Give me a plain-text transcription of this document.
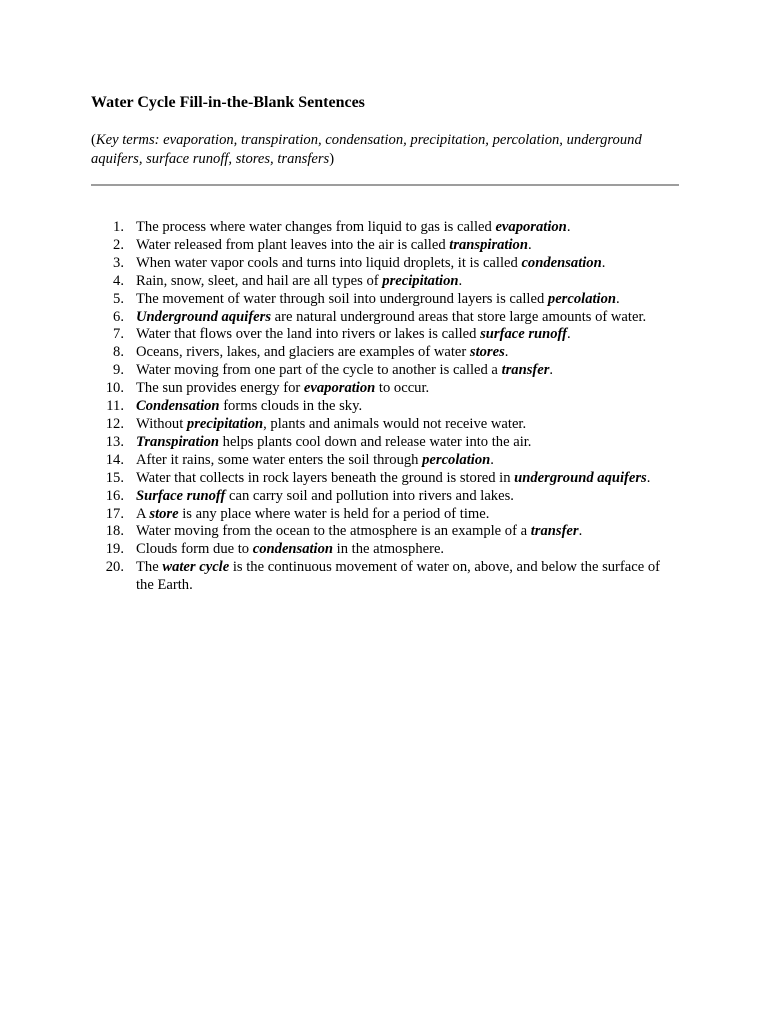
Water Cycle Fill-in-the-Blank Sentences

(Key terms: evaporation, transpiration, condensation, precipitation, percolation, underground aquifers, surface runoff, stores, transfers)

1. The process where water changes from liquid to gas is called evaporation.
2. Water released from plant leaves into the air is called transpiration.
3. When water vapor cools and turns into liquid droplets, it is called condensation.
4. Rain, snow, sleet, and hail are all types of precipitation.
5. The movement of water through soil into underground layers is called percolation.
6. Underground aquifers are natural underground areas that store large amounts of water.
7. Water that flows over the land into rivers or lakes is called surface runoff.
8. Oceans, rivers, lakes, and glaciers are examples of water stores.
9. Water moving from one part of the cycle to another is called a transfer.
10. The sun provides energy for evaporation to occur.
11. Condensation forms clouds in the sky.
12. Without precipitation, plants and animals would not receive water.
13. Transpiration helps plants cool down and release water into the air.
14. After it rains, some water enters the soil through percolation.
15. Water that collects in rock layers beneath the ground is stored in underground aquifers.
16. Surface runoff can carry soil and pollution into rivers and lakes.
17. A store is any place where water is held for a period of time.
18. Water moving from the ocean to the atmosphere is an example of a transfer.
19. Clouds form due to condensation in the atmosphere.
20. The water cycle is the continuous movement of water on, above, and below the surface of the Earth.
